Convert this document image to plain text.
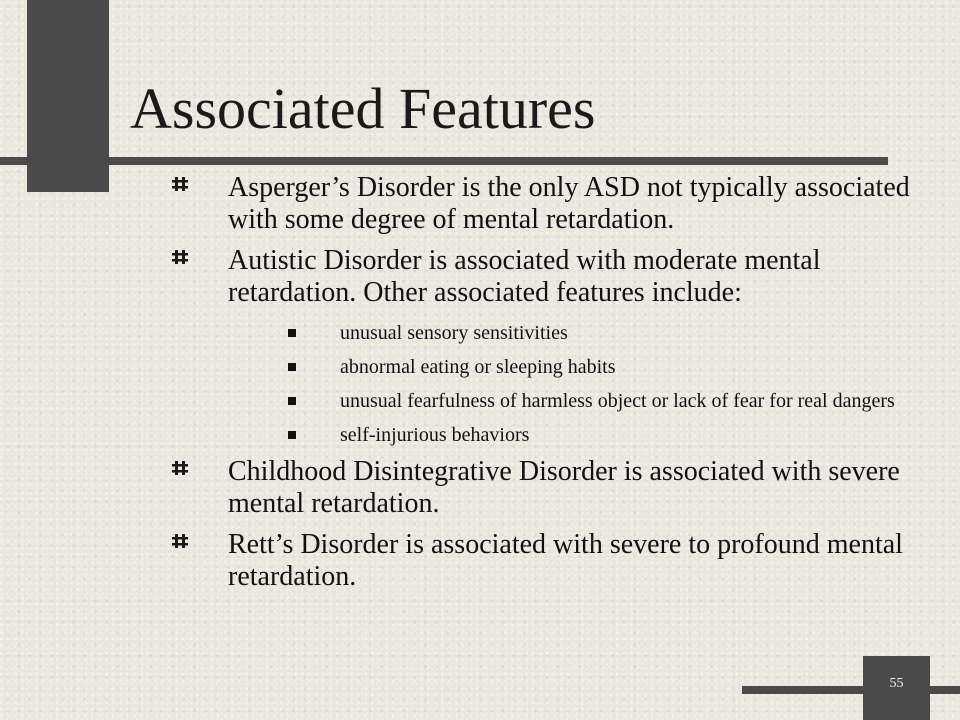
Associated Features
Asperger’s Disorder is the only ASD not typically associated with some degree of mental retardation.
Autistic Disorder is associated with moderate mental retardation. Other associated features include:
unusual sensory sensitivities
abnormal eating or sleeping habits
unusual fearfulness of harmless object or lack of fear for real dangers
self-injurious behaviors
Childhood Disintegrative Disorder is associated with severe mental retardation.
Rett’s Disorder is associated with severe to profound mental retardation.
55
